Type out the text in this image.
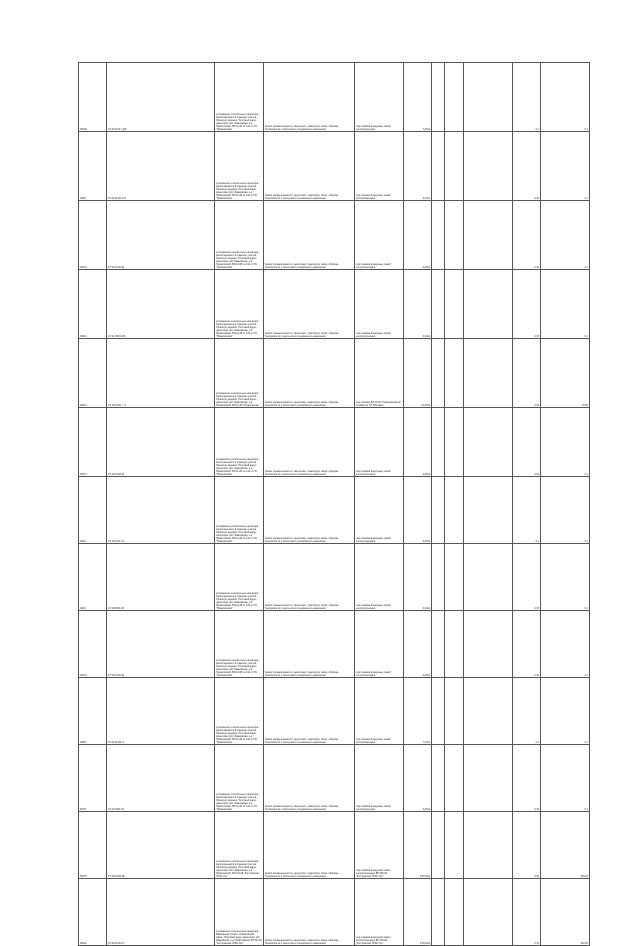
000a8	37:10:00 f0 1 @8	установлено относительно ориентира расположенного в границах участка. Ориентир деревня. Почтовый адрес ориентира: обл. Ивановская, р-н Приволжский, ВЛ-10 кВ № 142 от ПС "Приволжская"	Земли промышленности, энергетики, транспорта, связи, обороны, безопасности и земли иного специального назначения	под опорами воздушных линий электропередачи	7,0014				0,1	0,1
00i60	37:10:00 f01:13?	установлено относительно ориентира расположенного в границах участка. Ориентир деревня. Почтовый адрес ориентира: обл. Ивановская, р-н Приволжский, ВЛ-10 кВ № 142 от ПС "Приволжская"	Земли промышленности, энергетики, транспорта, связи, обороны, безопасности и земли иного специального назначения	под опорами воздушных линий электропередачи	0,0014				0,15	0,1
00270	27:10:00 f01:8)	установлено относительно ориентира расположенного в границах участка. Ориентир деревня. Почтовый адрес ориентира: обл. Ивановская, р-н Приволжский, ВЛ-10 кВ № 142 от ПС "Приволжская"	Земли промышленности, энергетики, транспорта, связи, обороны, безопасности и земли иного специального назначения	под опорами воздушных линий электропередачи	0,0014				2,15	0,1
00021	37:10 cf0:f01:80	установлено относительно ориентира расположенного в границах участка. Ориентир деревня. Почтовый адрес ориентира: обл. Ивановская, р-н Приволжский, ВЛ-10 кВ № 142 от ПС "Приволжская"	Земли промышленности, энергетики, транспорта, связи, обороны, безопасности и земли иного специального назначения	под опорами воздушных линий электропередачи	0,0014				0,15	0,1
00012	37:10:00:f01 ?. 4	установлено относительно ориентира расположенного в границах участка. Ориентир деревня. Почтовый адрес ориентира: обл. Ивановская, р-н Приволжский, ВЛ-10 кВ "Приволжская"	Земли промышленности, энергетики, транспорта, связи, обороны, безопасности и земли иного специального назначения	под опорами ВЛ 10 кВ "Приволжская-11" отпайка на ТП "Ябловка"	21,0014				0,15	45,05
00273	27:10:00:f01:8)	установлено относительно ориентира расположенного в границах участка. Ориентир деревня. Почтовый адрес ориентира: обл. Ивановская, р-н Приволжский, ВЛ-10 кВ № 142 от ПС "Приволжская"	Земли промышленности, энергетики, транспорта, связи, обороны, безопасности и земли иного специального назначения	под опорами воздушных линий электропередачи	0,0014				0,15	0,1
000ia	37:10:00 f0 1:m	установлено относительно ориентира расположенного в границах участка. Ориентир деревня. Почтовый адрес ориентира: обл. Ивановская, р-н Приволжский, ВЛ-10 кВ № 142 от ПС "Приволжская"	Земли промышленности, энергетики, транспорта, связи, обороны, безопасности и земли иного специального назначения	под опорами воздушных линий электропередачи	0,0014				0,1	0,1
00i15	37:10:00f01:43	установлено относительно ориентира расположенного в границах участка. Ориентир деревня. Почтовый адрес ориентира: обл. Ивановская, р-н Приволжский, ВЛ-10 кВ № 142 от ПС "Приволжская"	Земли промышленности, энергетики, транспорта, связи, обороны, безопасности и земли иного специального назначения	под опорами воздушных линий электропередачи	0,0014				0,15	0,1
00270	27:10:00:f01:8)	установлено относительно ориентира расположенного в границах участка. Ориентир деревня. Почтовый адрес ориентира: обл. Ивановская, р-н Приволжский, ВЛ-10 кВ № 142 от ПС "Приволжская"	Земли промышленности, энергетики, транспорта, связи, обороны, безопасности и земли иного специального назначения	под опорами воздушных линий электропередачи	0,0014				2,15	0,1
00027	37:10:00 f01:ul	установлено относительно ориентира расположенного в границах участка. Ориентир деревня. Почтовый адрес ориентира: обл. Ивановская, р-н Приволжский, ВЛ-10 кВ № 142 от ПС "Приволжская"	Земли промышленности, энергетики, транспорта, связи, обороны, безопасности и земли иного специального назначения	под опорами воздушных линий электропередачи	7,0014				0,1	0,1
00i76	37:10:00f01:43	установлено относительно ориентира расположенного в границах участка. Ориентир деревня. Почтовый адрес ориентира: обл. Ивановская, р-н Приволжский, ВЛ-10 кВ № 142 от ПС "Приволжская"	Земли промышленности, энергетики, транспорта, связи, обороны, безопасности и земли иного специального назначения	под опорами воздушных линий электропередачи	0,0014				0,15	0,1
00275	27:10:00:f01:86	установлено относительно ориентира расположенного в границах участка. Ориентир деревня. Почтовый адрес ориентира: обл. Ивановская, р-н Приволжский, ВЛ-110 кВ "Костромская ГРЭС-Луч"	Земли промышленности, энергетики, транспорта, связи, обороны, безопасности и земли иного специального назначения	под опорами воздушной линии электропередачи ВЛ 500 кВ "Костромская ГРЭС-Луч"	270,0014				0,15	530,00
000ap	37:10:00 f01:47	установлено относительно ориентира Ивановская область Приволжский район. Почтовый адрес ориентира: обл. Ивановская, р-н Приволжский, ВЛ 500 кВ "Костромская ГРЭС-Луч"	Земли промышленности, энергетики, транспорта, связи, обороны, безопасности и земли иного специального назначения	под опорами воздушной линии электропередачи ВЛ 500 кВ "Костромская ГРЭС-Луч"	270,0014				0,15	530,00
